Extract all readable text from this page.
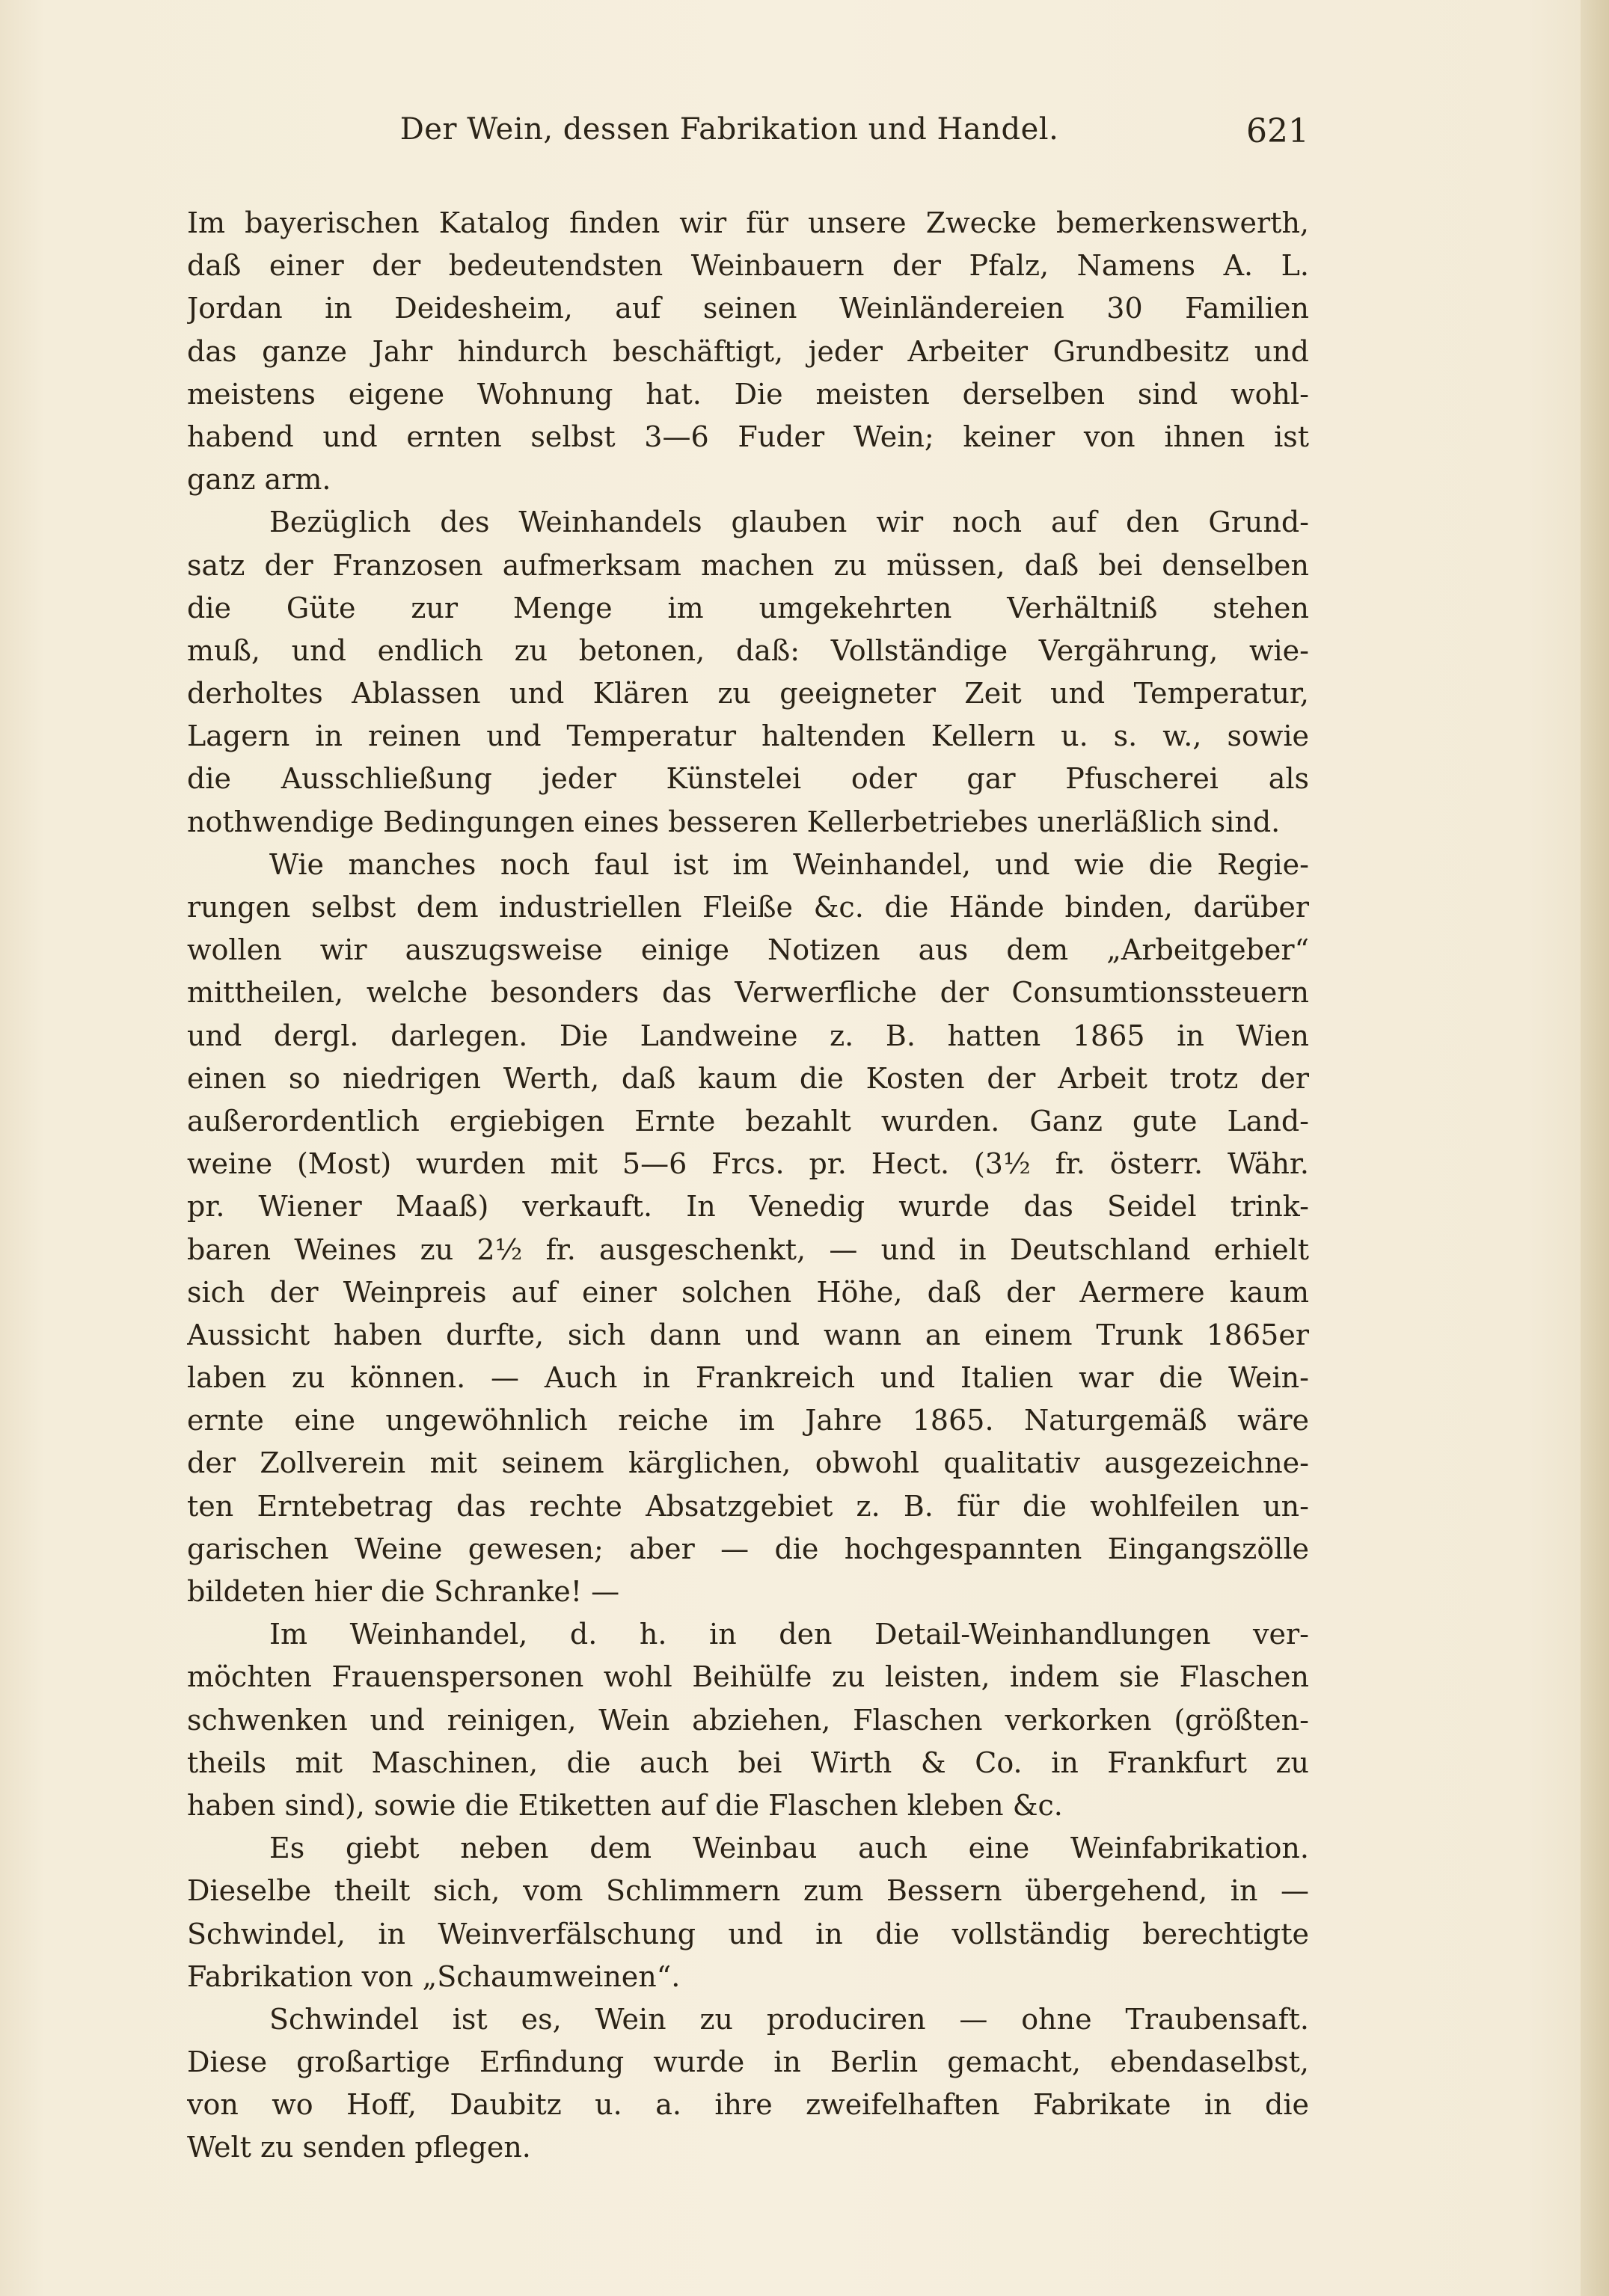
Der Wein, dessen Fabrikation und Handel.	621
Im bayerischen Katalog finden wir für unsere Zwecke bemerkenswerth,
daß einer der bedeutendsten Weinbauern der Pfalz, Namens A. L.
Jordan in Deidesheim, auf seinen Weinländereien 30 Familien
das ganze Jahr hindurch beschäftigt, jeder Arbeiter Grundbesitz und
meistens eigene Wohnung hat. Die meisten derselben sind wohl-
habend und ernten selbst 3—6 Fuder Wein; keiner von ihnen ist
ganz arm.
Bezüglich des Weinhandels glauben wir noch auf den Grund-
satz der Franzosen aufmerksam machen zu müssen, daß bei denselben
die Güte zur Menge im umgekehrten Verhältniß stehen
muß, und endlich zu betonen, daß: Vollständige Vergährung, wie-
derholtes Ablassen und Klären zu geeigneter Zeit und Temperatur,
Lagern in reinen und Temperatur haltenden Kellern u. s. w., sowie
die Ausschließung jeder Künstelei oder gar Pfuscherei als
nothwendige Bedingungen eines besseren Kellerbetriebes unerläßlich sind.
Wie manches noch faul ist im Weinhandel, und wie die Regie-
rungen selbst dem industriellen Fleiße &c. die Hände binden, darüber
wollen wir auszugsweise einige Notizen aus dem „Arbeitgeber“
mittheilen, welche besonders das Verwerfliche der Consumtionssteuern
und dergl. darlegen. Die Landweine z. B. hatten 1865 in Wien
einen so niedrigen Werth, daß kaum die Kosten der Arbeit trotz der
außerordentlich ergiebigen Ernte bezahlt wurden. Ganz gute Land-
weine (Most) wurden mit 5—6 Frcs. pr. Hect. (3½ fr. österr. Währ.
pr. Wiener Maaß) verkauft. In Venedig wurde das Seidel trink-
baren Weines zu 2½ fr. ausgeschenkt, — und in Deutschland erhielt
sich der Weinpreis auf einer solchen Höhe, daß der Aermere kaum
Aussicht haben durfte, sich dann und wann an einem Trunk 1865er
laben zu können. — Auch in Frankreich und Italien war die Wein-
ernte eine ungewöhnlich reiche im Jahre 1865. Naturgemäß wäre
der Zollverein mit seinem kärglichen, obwohl qualitativ ausgezeichne-
ten Erntebetrag das rechte Absatzgebiet z. B. für die wohlfeilen un-
garischen Weine gewesen; aber — die hochgespannten Eingangszölle
bildeten hier die Schranke! —
Im Weinhandel, d. h. in den Detail-Weinhandlungen ver-
möchten Frauenspersonen wohl Beihülfe zu leisten, indem sie Flaschen
schwenken und reinigen, Wein abziehen, Flaschen verkorken (größten-
theils mit Maschinen, die auch bei Wirth & Co. in Frankfurt zu
haben sind), sowie die Etiketten auf die Flaschen kleben &c.
Es giebt neben dem Weinbau auch eine Weinfabrikation.
Dieselbe theilt sich, vom Schlimmern zum Bessern übergehend, in —
Schwindel, in Weinverfälschung und in die vollständig berechtigte
Fabrikation von „Schaumweinen“.
Schwindel ist es, Wein zu produciren — ohne Traubensaft.
Diese großartige Erfindung wurde in Berlin gemacht, ebendaselbst,
von wo Hoff, Daubitz u. a. ihre zweifelhaften Fabrikate in die
Welt zu senden pflegen.
